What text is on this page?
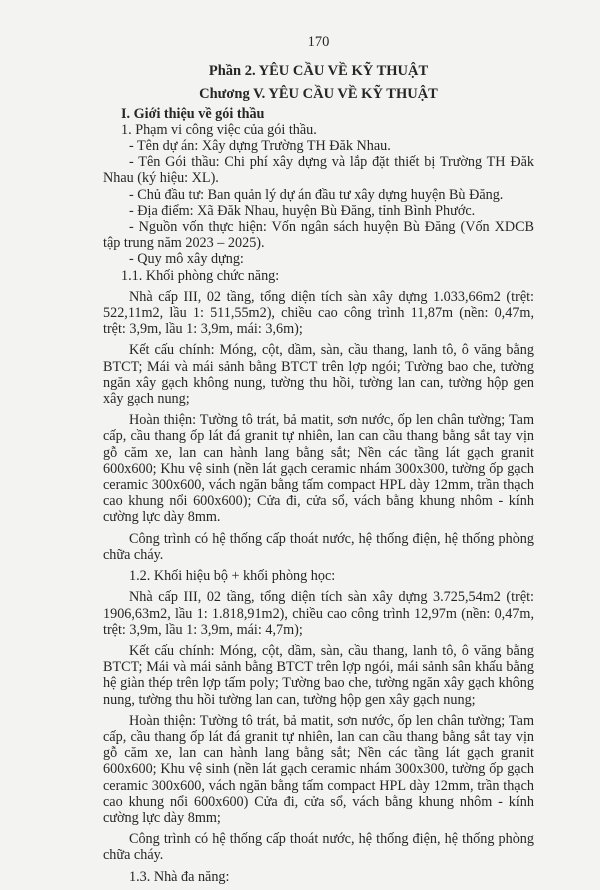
170
Phần 2. YÊU CẦU VỀ KỸ THUẬT
Chương V. YÊU CẦU VỀ KỸ THUẬT

I. Giới thiệu về gói thầu

1. Phạm vi công việc của gói thầu.

- Tên dự án: Xây dựng Trường TH Đăk Nhau.

- Tên Gói thầu: Chi phí xây dựng và lắp đặt thiết bị Trường TH Đăk Nhau (ký hiệu: XL).

- Chủ đầu tư: Ban quản lý dự án đầu tư xây dựng huyện Bù Đăng.

- Địa điểm: Xã Đăk Nhau, huyện Bù Đăng, tỉnh Bình Phước.

- Nguồn vốn thực hiện: Vốn ngân sách huyện Bù Đăng (Vốn XDCB tập trung năm 2023 – 2025).

- Quy mô xây dựng:

1.1. Khối phòng chức năng:

Nhà cấp III, 02 tầng, tổng diện tích sàn xây dựng 1.033,66m2 (trệt: 522,11m2, lầu 1: 511,55m2), chiều cao công trình 11,87m (nền: 0,47m, trệt: 3,9m, lầu 1: 3,9m, mái: 3,6m);

Kết cấu chính: Móng, cột, dầm, sàn, cầu thang, lanh tô, ô văng bằng BTCT; Mái và mái sảnh bằng BTCT trên lợp ngói; Tường bao che, tường ngăn xây gạch không nung, tường thu hồi, tường lan can, tường hộp gen xây gạch nung;

Hoàn thiện: Tường tô trát, bả matit, sơn nước, ốp len chân tường; Tam cấp, cầu thang ốp lát đá granit tự nhiên, lan can cầu thang bằng sắt tay vịn gỗ căm xe, lan can hành lang bằng sắt; Nền các tầng lát gạch granit 600x600; Khu vệ sinh (nền lát gạch ceramic nhám 300x300, tường ốp gạch ceramic 300x600, vách ngăn bằng tấm compact HPL dày 12mm, trần thạch cao khung nổi 600x600); Cửa đi, cửa sổ, vách bằng khung nhôm - kính cường lực dày 8mm.

Công trình có hệ thống cấp thoát nước, hệ thống điện, hệ thống phòng chữa cháy.

1.2. Khối hiệu bộ + khối phòng học:

Nhà cấp III, 02 tầng, tổng diện tích sàn xây dựng 3.725,54m2 (trệt: 1906,63m2, lầu 1: 1.818,91m2), chiều cao công trình 12,97m (nền: 0,47m, trệt: 3,9m, lầu 1: 3,9m, mái: 4,7m);

Kết cấu chính: Móng, cột, dầm, sàn, cầu thang, lanh tô, ô văng bằng BTCT; Mái và mái sảnh bằng BTCT trên lợp ngói, mái sảnh sân khấu bằng hệ giàn thép trên lợp tấm poly; Tường bao che, tường ngăn xây gạch không nung, tường thu hồi tường lan can, tường hộp gen xây gạch nung;

Hoàn thiện: Tường tô trát, bả matit, sơn nước, ốp len chân tường; Tam cấp, cầu thang ốp lát đá granit tự nhiên, lan can cầu thang bằng sắt tay vịn gỗ căm xe, lan can hành lang bằng sắt; Nền các tầng lát gạch granit 600x600; Khu vệ sinh (nền lát gạch ceramic nhám 300x300, tường ốp gạch ceramic 300x600, vách ngăn bằng tấm compact HPL dày 12mm, trần thạch cao khung nổi 600x600) Cửa đi, cửa sổ, vách bằng khung nhôm - kính cường lực dày 8mm;

Công trình có hệ thống cấp thoát nước, hệ thống điện, hệ thống phòng chữa cháy.

1.3. Nhà đa năng:
